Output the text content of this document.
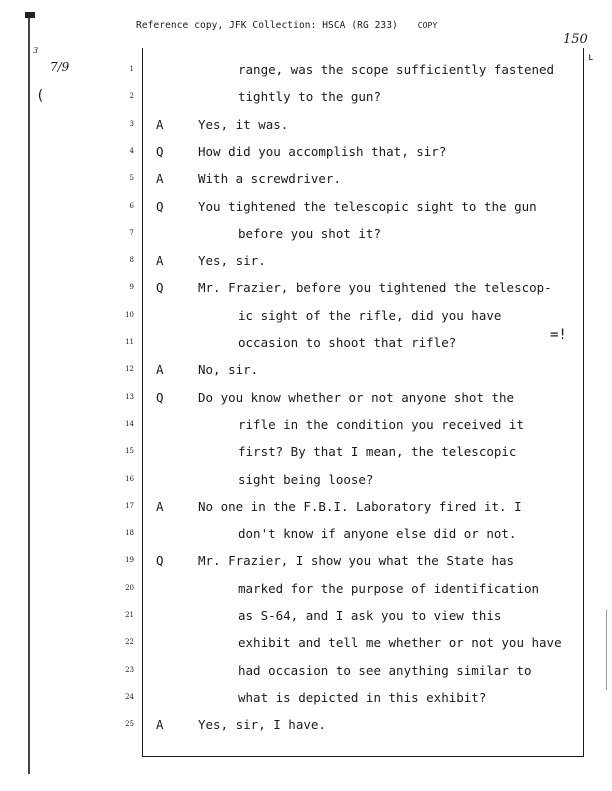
Reference copy, JFK Collection: HSCA (RG 233) COPY
150
3
7/9
(
=!
ʟ
1	range, was the scope sufficiently fastened
2	tightly to the gun?
3 A	Yes, it was.
4 Q	How did you accomplish that, sir?
5 A	With a screwdriver.
6 Q	You tightened the telescopic sight to the gun
7	before you shot it?
8 A	Yes, sir.
9 Q	Mr. Frazier, before you tightened the telescop-
10	ic sight of the rifle, did you have
11	occasion to shoot that rifle?
12 A	No, sir.
13 Q	Do you know whether or not anyone shot the
14	rifle in the condition you received it
15	first? By that I mean, the telescopic
16	sight being loose?
17 A	No one in the F.B.I. Laboratory fired it. I
18	don't know if anyone else did or not.
19 Q	Mr. Frazier, I show you what the State has
20	marked for the purpose of identification
21	as S-64, and I ask you to view this
22	exhibit and tell me whether or not you have
23	had occasion to see anything similar to
24	what is depicted in this exhibit?
25 A	Yes, sir, I have.
